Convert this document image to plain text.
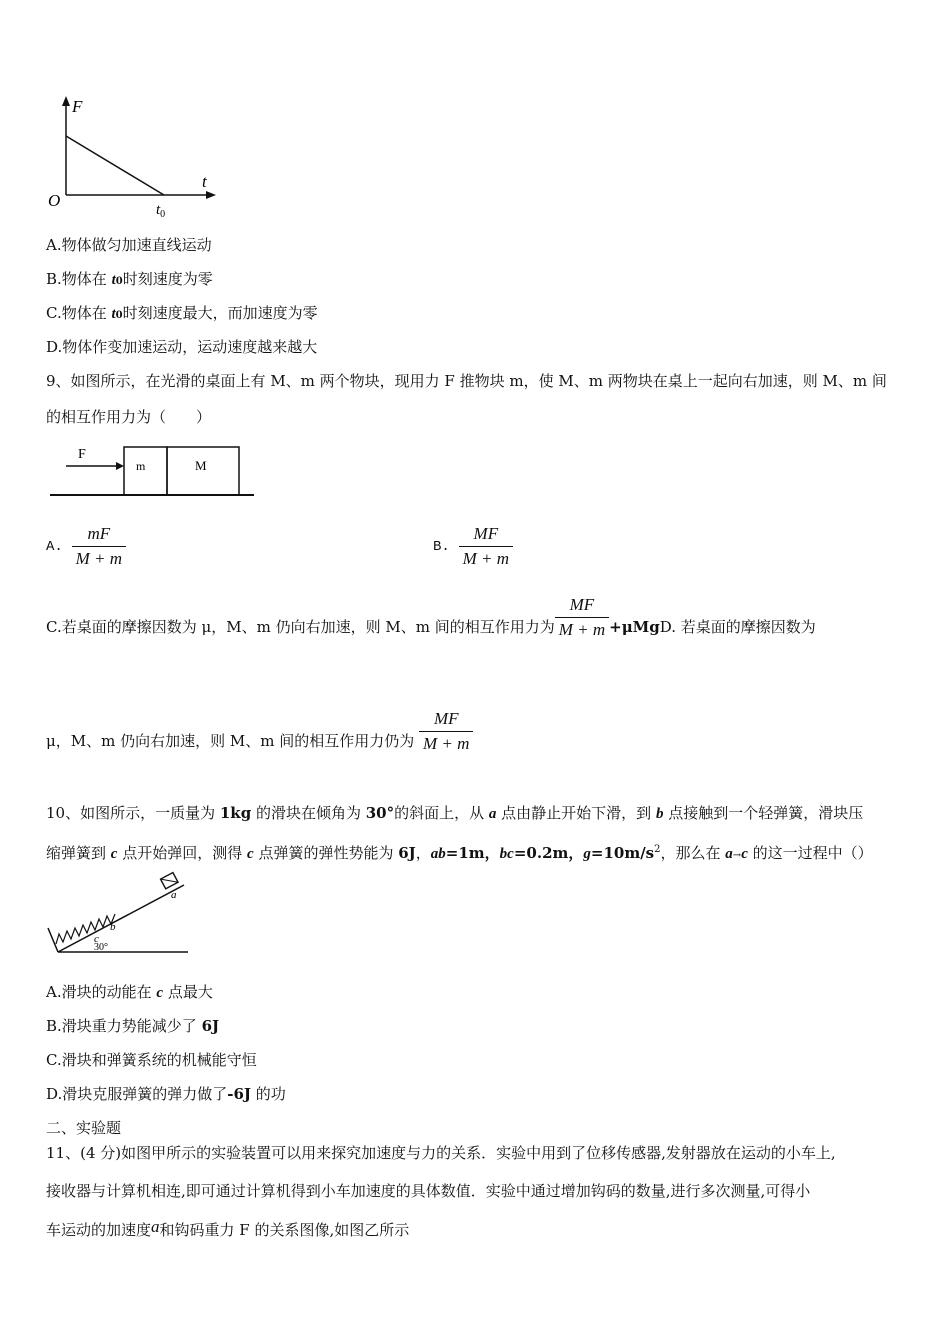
F
t
O	$t_0$
A.物体做匀加速直线运动
B.物体在 t0时刻速度为零
C.物体在 t0时刻速度最大，而加速度为零
D.物体作变加速运动，运动速度越来越大
9、如图所示，在光滑的桌面上有 M、m 两个物块，现用力 F 推物块 m，使 M、m 两物块在桌上一起向右加速，则 M、m 间
的相互作用力为（　　）
F
m	M
A. $\frac{mF}{M + m}$	B. $\frac{MF}{M + m}$
C.若桌面的摩擦因数为 μ，M、m 仍向右加速，则 M、m 间的相互作用力为 $\frac{MF}{M + m} +\mu MgD$. 若桌面的摩擦因数为
μ，M、m 仍向右加速，则 M、m 间的相互作用力仍为 $\frac{MF}{M + m}$
10、如图所示，一质量为 1kg 的滑块在倾角为 30°的斜面上，从 a 点由静止开始下滑，到 b 点接触到一个轻弹簧，滑块压
缩弹簧到 c 点开始弹回，测得 c 点弹簧的弹性势能为 6J，ab=1m，bc=0.2m，$g=10m/s^2$，那么在 a→c 的这一过程中（）
a
b
c
30°
A.滑块的动能在 c 点最大
B.滑块重力势能减少了 6J
C.滑块和弹簧系统的机械能守恒
D.滑块克服弹簧的弹力做了-6J 的功
二、实验题
11、(4 分)如图甲所示的实验装置可以用来探究加速度与力的关系．实验中用到了位移传感器,发射器放在运动的小车上,
接收器与计算机相连,即可通过计算机得到小车加速度的具体数值．实验中通过增加钩码的数量,进行多次测量,可得小
车运动的加速度a和钩码重力 F 的关系图像,如图乙所示
